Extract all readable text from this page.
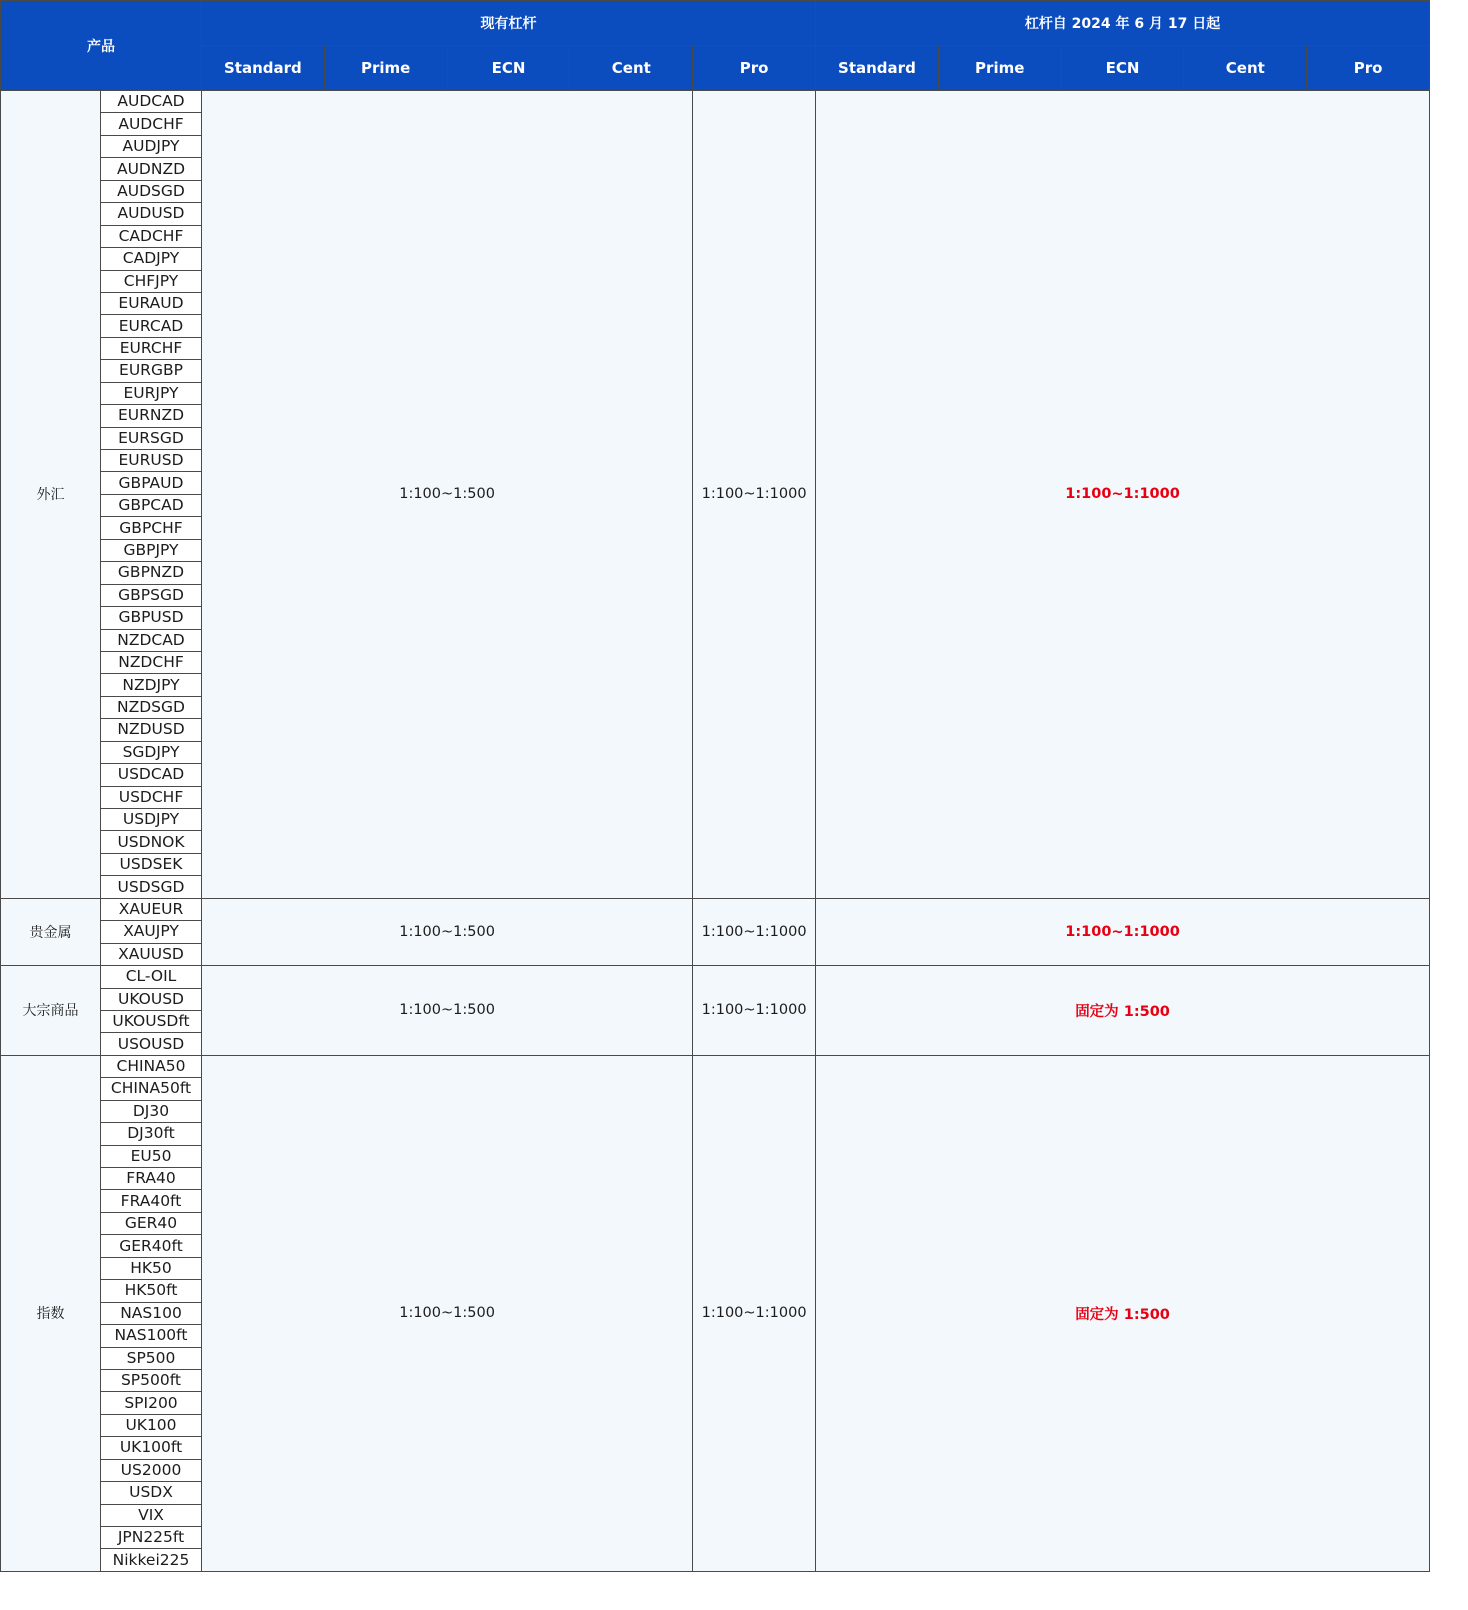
产品		现有杠杆					杠杆自 2024 年 6 月 17 日起				
		Standard	Prime	ECN	Cent	Pro	Standard	Prime	ECN	Cent	Pro
外汇	AUDCAD	1:100~1:500				1:100~1:1000	1:100~1:1000				
	AUDCHF										
	AUDJPY										
	AUDNZD										
	AUDSGD										
	AUDUSD										
	CADCHF										
	CADJPY										
	CHFJPY										
	EURAUD										
	EURCAD										
	EURCHF										
	EURGBP										
	EURJPY										
	EURNZD										
	EURSGD										
	EURUSD										
	GBPAUD										
	GBPCAD										
	GBPCHF										
	GBPJPY										
	GBPNZD										
	GBPSGD										
	GBPUSD										
	NZDCAD										
	NZDCHF										
	NZDJPY										
	NZDSGD										
	NZDUSD										
	SGDJPY										
	USDCAD										
	USDCHF										
	USDJPY										
	USDNOK										
	USDSEK										
	USDSGD										
贵金属	XAUEUR	1:100~1:500				1:100~1:1000	1:100~1:1000				
	XAUJPY										
	XAUUSD										
大宗商品	CL-OIL	1:100~1:500				1:100~1:1000	固定为 1:500				
	UKOUSD										
	UKOUSDft										
	USOUSD										
指数	CHINA50	1:100~1:500				1:100~1:1000	固定为 1:500				
	CHINA50ft										
	DJ30										
	DJ30ft										
	EU50										
	FRA40										
	FRA40ft										
	GER40										
	GER40ft										
	HK50										
	HK50ft										
	NAS100										
	NAS100ft										
	SP500										
	SP500ft										
	SPI200										
	UK100										
	UK100ft										
	US2000										
	USDX										
	VIX										
	JPN225ft										
	Nikkei225										
